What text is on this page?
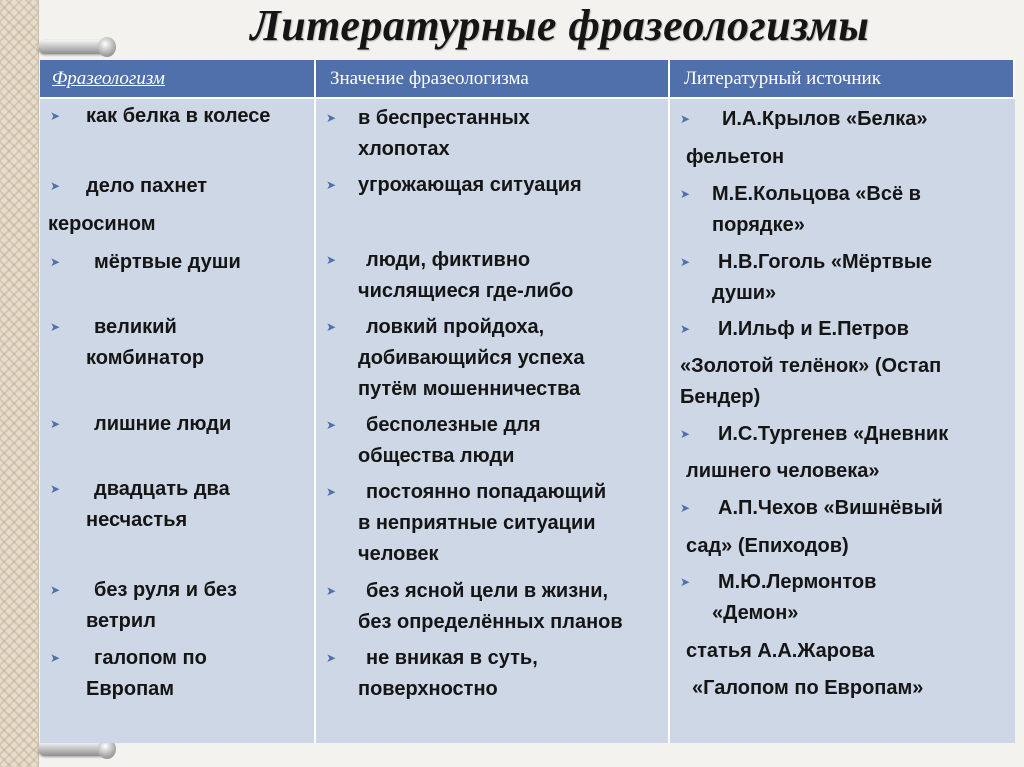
Литературные фразеологизмы
Фразеологизм	Значение фразеологизма	Литературный источник
➤ как белка в колесе
➤ дело пахнет
керосином
➤ мёртвые души
➤ великий
комбинатор
➤ лишние люди
➤ двадцать два
несчастья
➤ без руля и без
ветрил
➤ галопом по
Европам
➤ в беспрестанных
хлопотах
➤ угрожающая ситуация
➤ люди, фиктивно
числящиеся где-либо
➤ ловкий пройдоха,
добивающийся успеха
путём мошенничества
➤ бесполезные для
общества люди
➤ постоянно попадающий
в неприятные ситуации
человек
➤ без ясной цели в жизни,
без определённых планов
➤ не вникая в суть,
поверхностно
➤ И.А.Крылов «Белка»
фельетон
➤ М.Е.Кольцова «Всё в
порядке»
➤ Н.В.Гоголь «Мёртвые
души»
➤ И.Ильф и Е.Петров
«Золотой телёнок» (Остап
Бендер)
➤ И.С.Тургенев «Дневник
лишнего человека»
➤ А.П.Чехов «Вишнёвый
сад» (Епиходов)
➤ М.Ю.Лермонтов
«Демон»
статья А.А.Жарова
«Галопом по Европам»
